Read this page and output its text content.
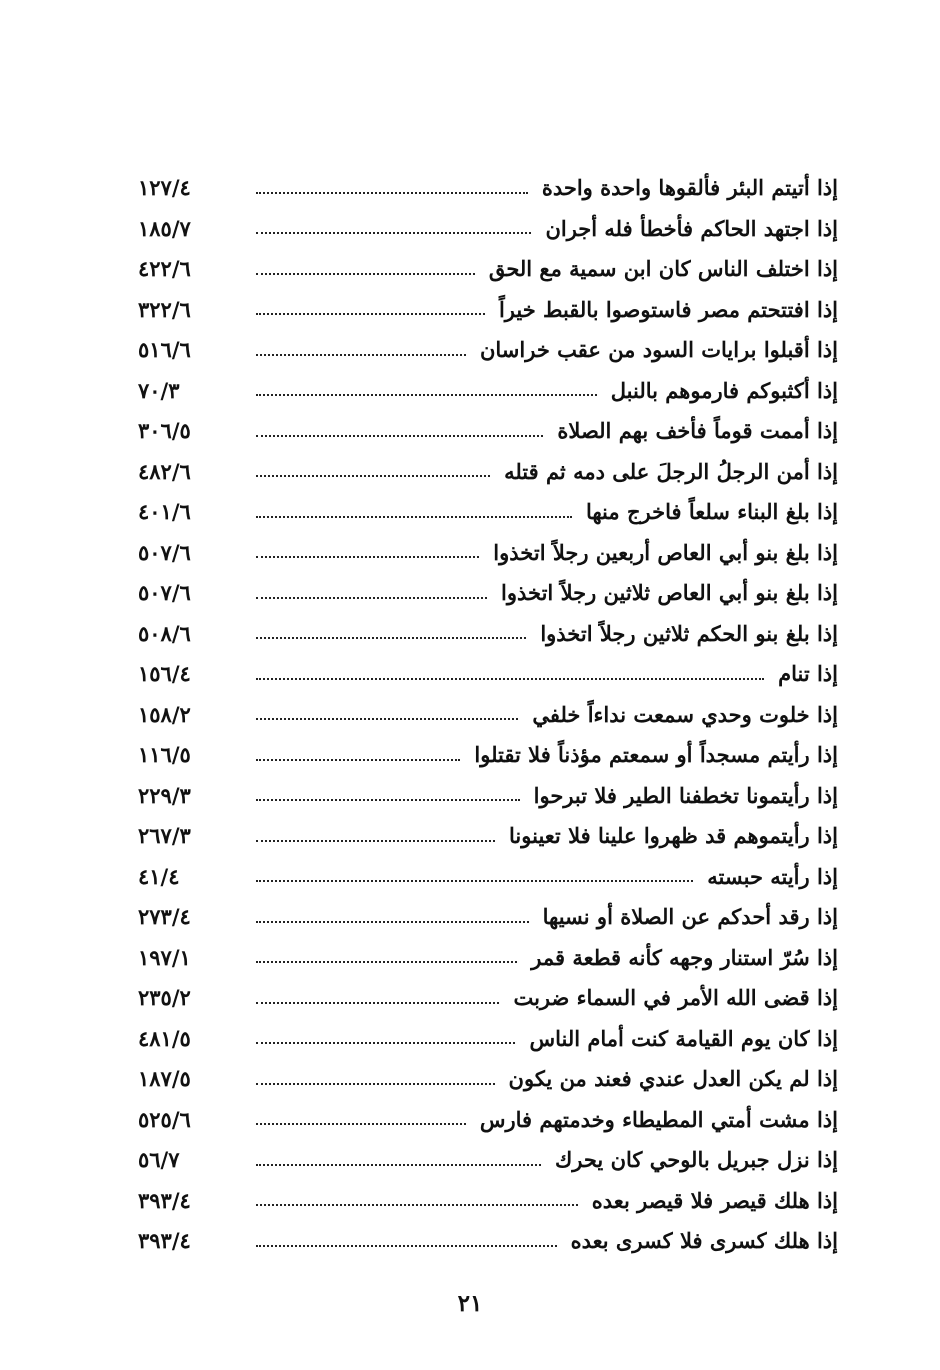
إذا أتيتم البئر فألقوها واحدة واحدة
١٢٧/٤
إذا اجتهد الحاكم فأخطأ فله أجران
١٨٥/٧
إذا اختلف الناس كان ابن سمية مع الحق
٤٢٢/٦
إذا افتتحتم مصر فاستوصوا بالقبط خيراً
٣٢٢/٦
إذا أقبلوا برايات السود من عقب خراسان
٥١٦/٦
إذا أكثبوكم فارموهم بالنبل
٧٠/٣
إذا أممت قوماً فأخف بهم الصلاة
٣٠٦/٥
إذا أمن الرجلُ الرجلَ على دمه ثم قتله
٤٨٢/٦
إذا بلغ البناء سلعاً فاخرج منها
٤٠١/٦
إذا بلغ بنو أبي العاص أربعين رجلاً اتخذوا
٥٠٧/٦
إذا بلغ بنو أبي العاص ثلاثين رجلاً اتخذوا
٥٠٧/٦
إذا بلغ بنو الحكم ثلاثين رجلاً اتخذوا
٥٠٨/٦
إذا تنام
١٥٦/٤
إذا خلوت وحدي سمعت نداءاً خلفي
١٥٨/٢
إذا رأيتم مسجداً أو سمعتم مؤذناً فلا تقتلوا
١١٦/٥
إذا رأيتمونا تخطفنا الطير فلا تبرحوا
٢٢٩/٣
إذا رأيتموهم قد ظهروا علينا فلا تعينونا
٢٦٧/٣
إذا رأيته حبسته
٤١/٤
إذا رقد أحدكم عن الصلاة أو نسيها
٢٧٣/٤
إذا سُرّ استنار وجهه كأنه قطعة قمر
١٩٧/١
إذا قضى الله الأمر في السماء ضربت
٢٣٥/٢
إذا كان يوم القيامة كنت أمام الناس
٤٨١/٥
إذا لم يكن العدل عندي فعند من يكون
١٨٧/٥
إذا مشت أمتي المطيطاء وخدمتهم فارس
٥٢٥/٦
إذا نزل جبريل بالوحي كان يحرك
٥٦/٧
إذا هلك قيصر فلا قيصر بعده
٣٩٣/٤
إذا هلك كسرى فلا كسرى بعده
٣٩٣/٤
٢١
